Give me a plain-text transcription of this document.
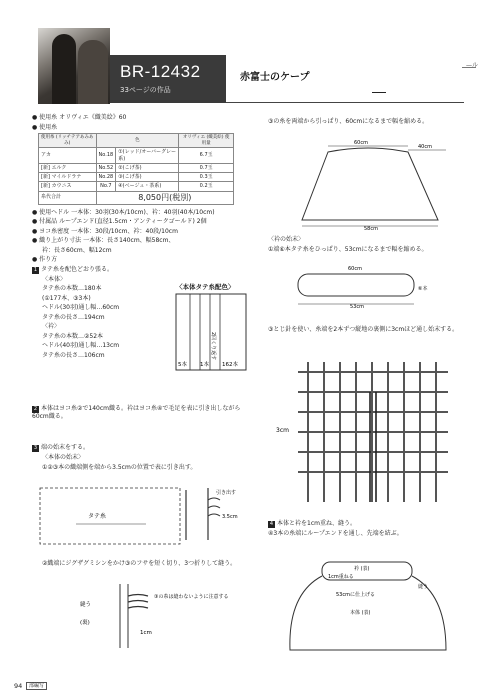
BR-12432
33ページの作品
赤富士のケープ
—ル
● 使用糸 オリヴィエ《織美絵》60
● 使用糸
使用糸 (リッチテアあみあみ)	色		オリヴィエ (織美絵) 使用量
アカ	No.18	①(レッド/オーバーグレー系)	6.7玉
[新] エルク	No.52	②(こげ茶)	0.7玉
[新] マイルドラナ	No.28	③(こげ茶)	0.3玉
[新] カウニス	No.7	④(ベージュ・茶系)	0.2玉
糸代合計	8,050円(税別)		
● 使用ヘドル 一本体：30羽(30本/10cm)、衿：40羽(40本/10cm)
● 付属品 ループエンド(直径1.5cm・アンティークゴールド) 2個
● ヨコ糸密度 一本体：30段/10cm、衿：40段/10cm
● 織り上がり寸法 一本体：長さ140cm、幅58cm、
衿：長さ60cm、幅12cm
● 作り方
1 タテ糸を配色どおり張る。
〈本体〉
タテ糸の本数…180本
(①177本、③3本)
ヘドル(30羽)通し幅…60cm
タテ糸の長さ…194cm
〈衿〉
タテ糸の本数…②52本
ヘドル(40羽)通し幅…13cm
タテ糸の長さ…106cm
〈本体タテ糸配色〉
5本 1本 162本
2回くり返す
2 本体はヨコ糸②で140cm織る。衿はヨコ糸④で毛足を表に引き出しながら60cm織る。
3 端の始末をする。
〈本体の始末〉
①②③本の織端側を端から3.5cmの位置で表に引き出す。
タテ糸
引き出す
3.5cm
②織端にジグザグミシンをかけ③のフサを短く切り、3つ折りして縫う。
縫う
(裏)
1cm
③の糸は縫わないように注意する
94	部編写
③の糸を両端から引っぱり、60cmになるまで幅を縮める。
60cm
40cm
58cm
〈衿の始末〉
①端⑥本タテ糸をひっぱり、53cmになるまで幅を縮める。
60cm
⑥本
53cm
③とじ針を使い、糸端を2本ずつ縦地の裏側に3cmほど通し始末する。
3cm
4 本体と衿を1cm重ね、縫う。
④3本の糸端にループエンドを通し、先端を結ぶ。
衿 (表)
1cm重ねる
縫う
53cmに仕上げる
本体 (表)
